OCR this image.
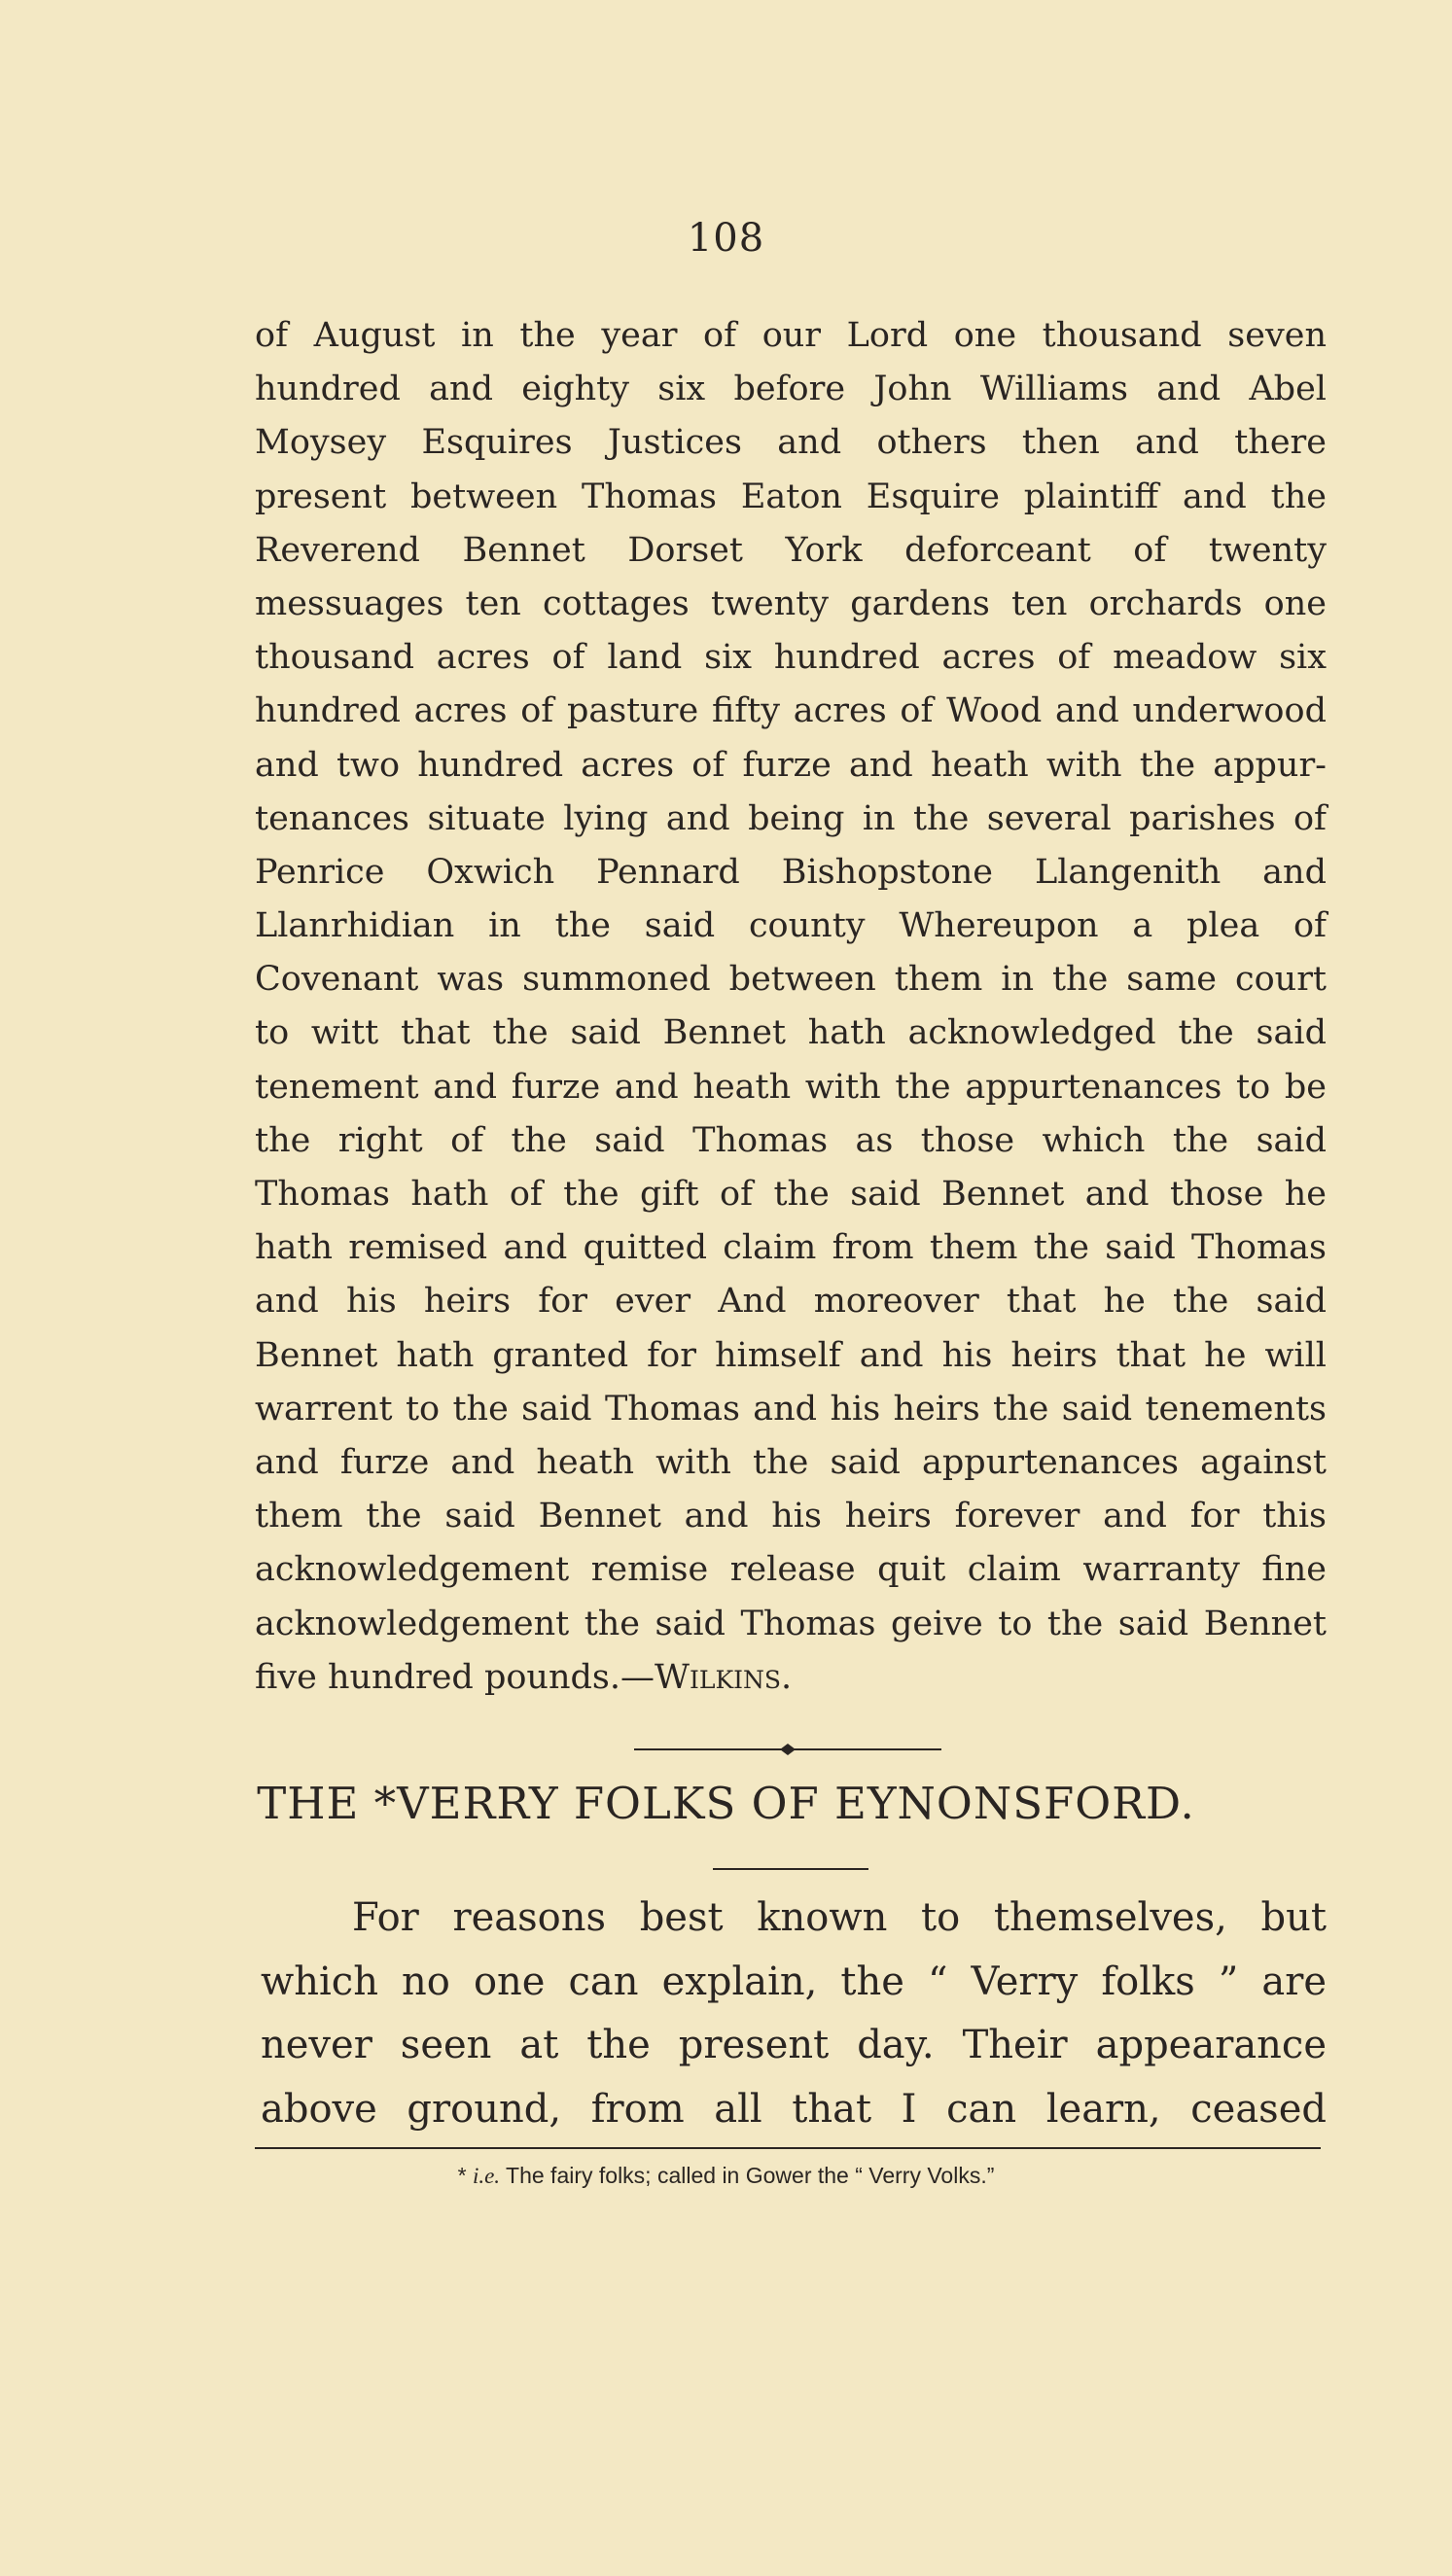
108
of August in the year of our Lord one thousand seven
hundred and eighty six before John Williams and Abel
Moysey Esquires Justices and others then and there
present between Thomas Eaton Esquire plaintiff and the
Reverend Bennet Dorset York deforceant of twenty
messuages ten cottages twenty gardens ten orchards one
thousand acres of land six hundred acres of meadow six
hundred acres of pasture fifty acres of Wood and underwood
and two hundred acres of furze and heath with the appur-
tenances situate lying and being in the several parishes of
Penrice Oxwich Pennard Bishopstone Llangenith and
Llanrhidian in the said county Whereupon a plea of
Covenant was summoned between them in the same court
to witt that the said Bennet hath acknowledged the said
tenement and furze and heath with the appurtenances to be
the right of the said Thomas as those which the said
Thomas hath of the gift of the said Bennet and those he
hath remised and quitted claim from them the said Thomas
and his heirs for ever And moreover that he the said
Bennet hath granted for himself and his heirs that he will
warrent to the said Thomas and his heirs the said tenements
and furze and heath with the said appurtenances against
them the said Bennet and his heirs forever and for this
acknowledgement remise release quit claim warranty fine
acknowledgement the said Thomas geive to the said Bennet
five hundred pounds.—Wilkins.
THE *VERRY FOLKS OF EYNONSFORD.
For reasons best known to themselves, but
which no one can explain, the “ Verry folks ” are
never seen at the present day. Their appearance
above ground, from all that I can learn, ceased

* i.e. The fairy folks; called in Gower the “ Verry Volks.”
